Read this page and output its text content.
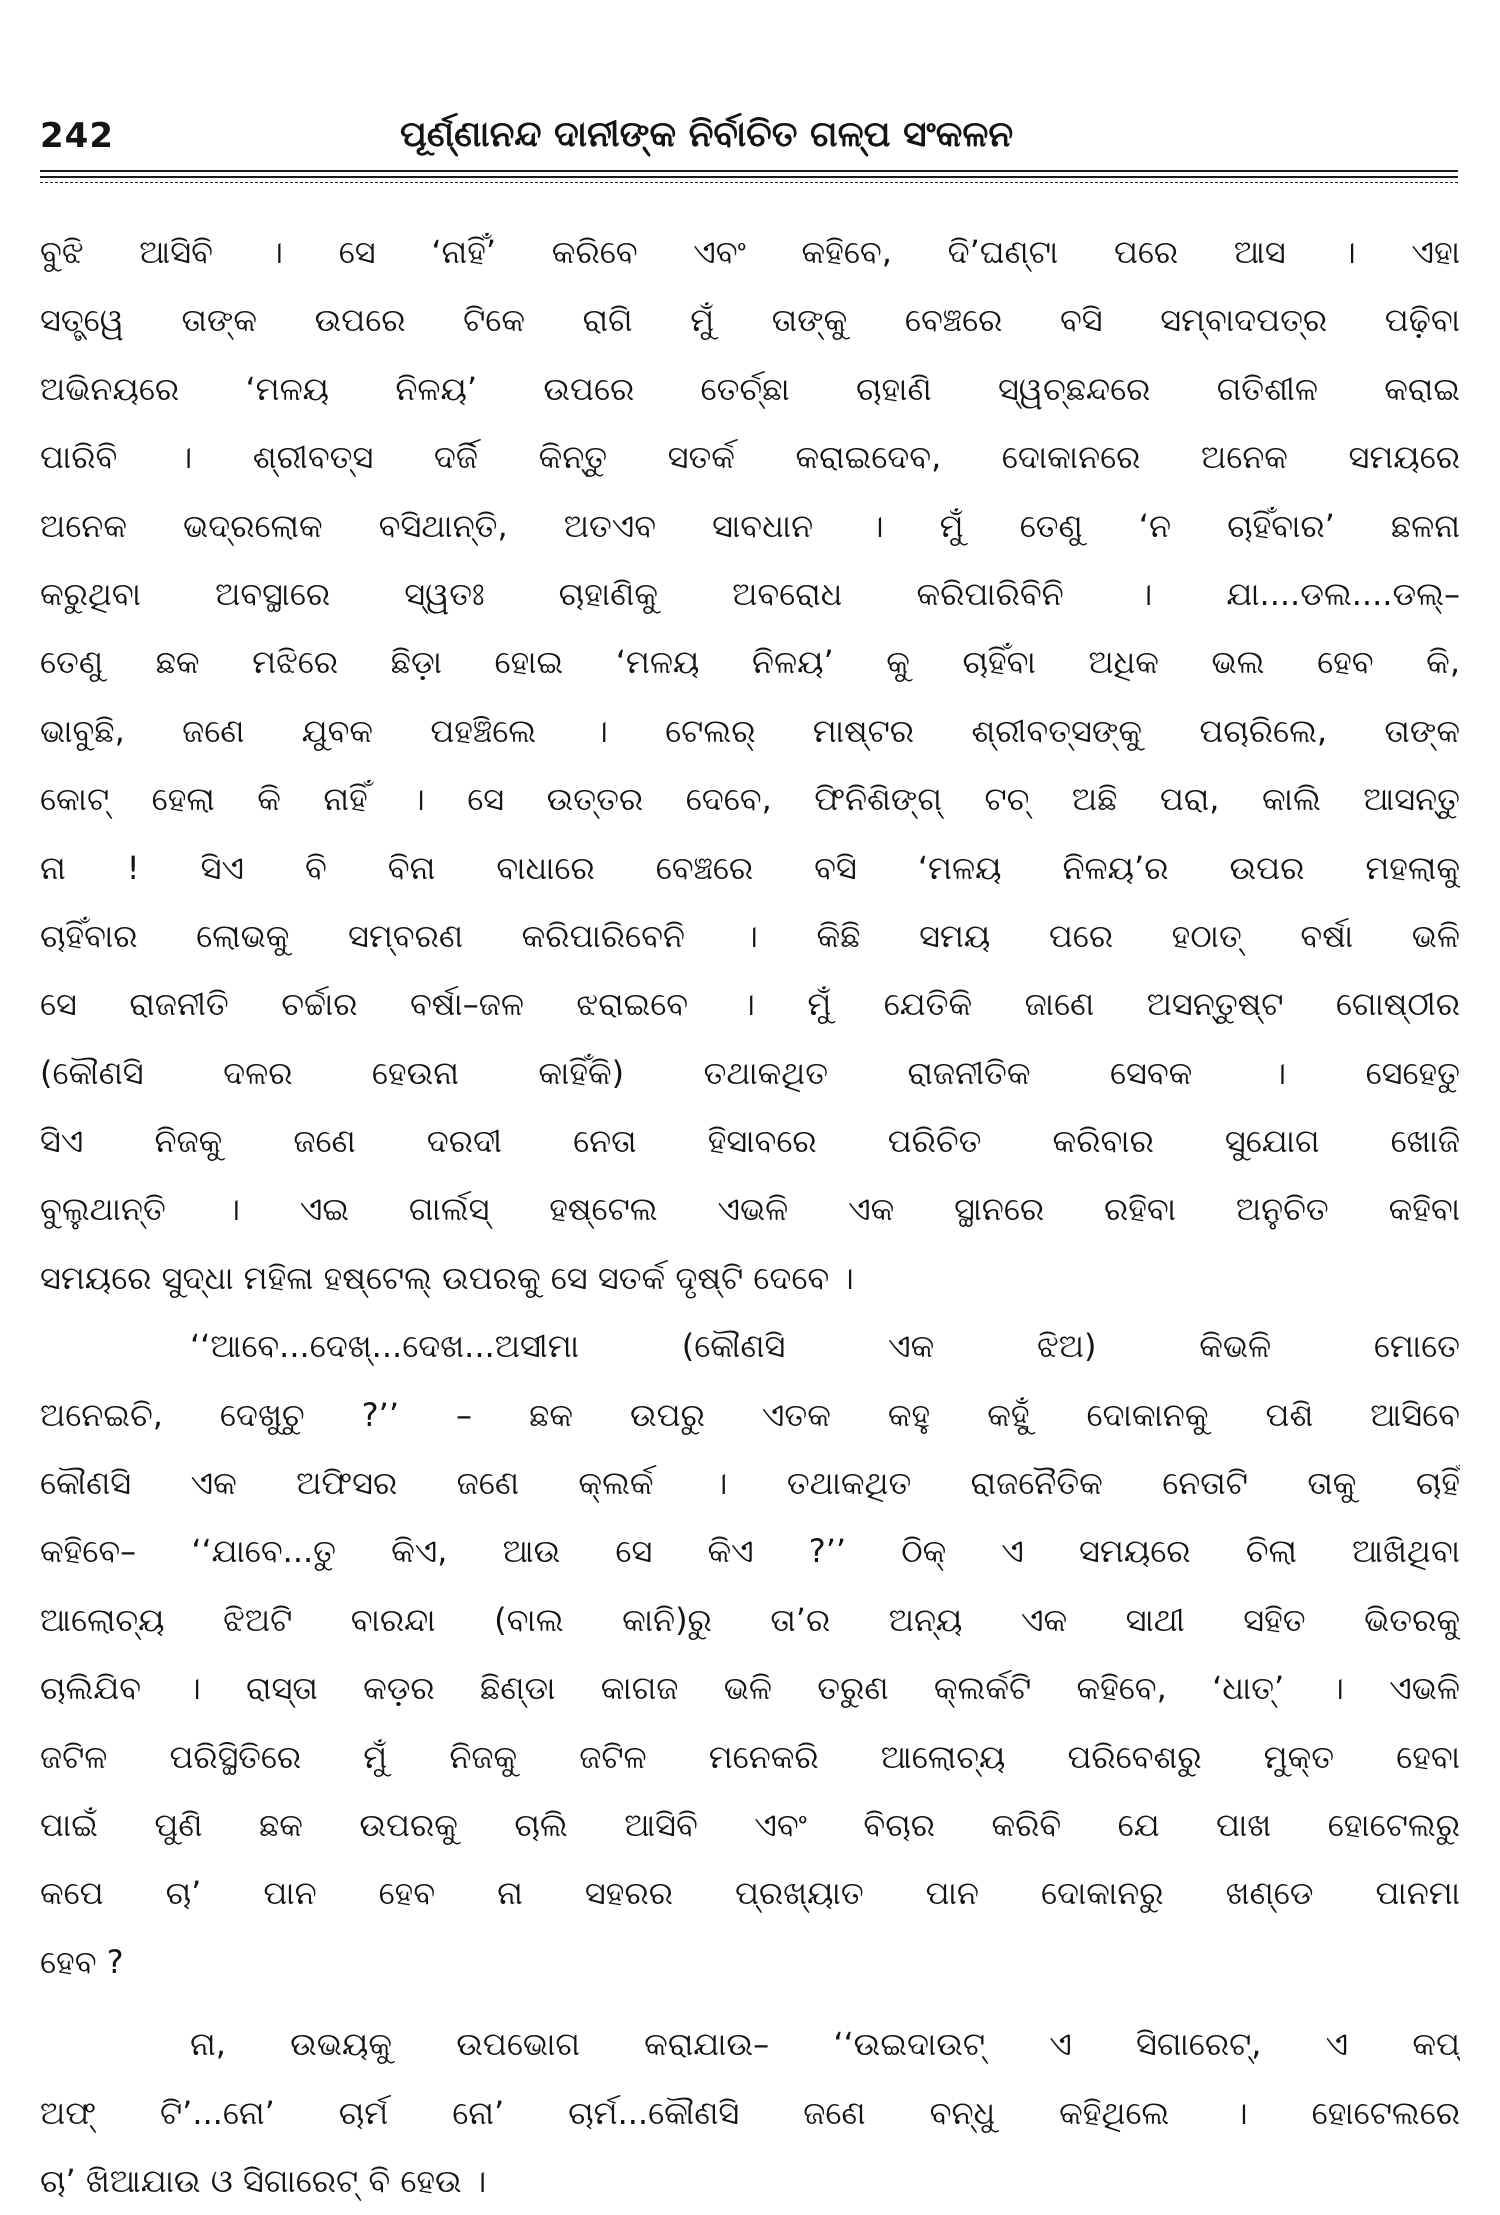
242	ପୂର୍ଣ୍ଣାନନ୍ଦ ଦାନୀଙ୍କ ନିର୍ବାଚିତ ଗଳ୍ପ ସଂକଳନ
ବୁଝି ଆସିବି । ସେ ‘ନାହିଁ’ କରିବେ ଏବଂ କହିବେ, ଦି’ଘଣ୍ଟା ପରେ ଆସ । ଏହା
ସତ୍ତ୍ୱେ ତାଙ୍କ ଉପରେ ଟିକେ ରାଗି ମୁଁ ତାଙ୍କୁ ବେଞ୍ଚରେ ବସି ସମ୍ବାଦପତ୍ର ପଢ଼ିବା
ଅଭିନୟରେ ‘ମଳୟ ନିଳୟ’ ଉପରେ ତେର୍ଚ୍ଛା ଚାହାଣି ସ୍ୱଚ୍ଛନ୍ଦରେ ଗତିଶୀଳ କରାଇ
ପାରିବି । ଶ୍ରୀବତ୍ସ ଦର୍ଜି କିନ୍ତୁ ସତର୍କ କରାଇଦେବ, ଦୋକାନରେ ଅନେକ ସମୟରେ
ଅନେକ ଭଦ୍ରଲୋକ ବସିଥାନ୍ତି, ଅତଏବ ସାବଧାନ । ମୁଁ ତେଣୁ ‘ନ ଚାହିଁବାର’ ଛଳନା
କରୁଥିବା ଅବସ୍ଥାରେ ସ୍ୱତଃ ଚାହାଣିକୁ ଅବରୋଧ କରିପାରିବିନି । ଯା....ଡଲ....ଡଲ୍–
ତେଣୁ ଛକ ମଝିରେ ଛିଡ଼ା ହୋଇ ‘ମଳୟ ନିଳୟ’ କୁ ଚାହିଁବା ଅଧିକ ଭଲ ହେବ କି,
ଭାବୁଛି, ଜଣେ ଯୁବକ ପହଞ୍ଚିଲେ । ଟେଲର୍ ମାଷ୍ଟର ଶ୍ରୀବତ୍ସଙ୍କୁ ପଚାରିଲେ, ତାଙ୍କ
କୋଟ୍ ହେଲା କି ନାହିଁ । ସେ ଉତ୍ତର ଦେବେ, ଫିନିଶିଙ୍ଗ୍ ଟଚ୍ ଅଛି ପରା, କାଲି ଆସନ୍ତୁ
ନା ! ସିଏ ବି ବିନା ବାଧାରେ ବେଞ୍ଚରେ ବସି ‘ମଳୟ ନିଳୟ’ର ଉପର ମହଲାକୁ
ଚାହିଁବାର ଲୋଭକୁ ସମ୍ବରଣ କରିପାରିବେନି । କିଛି ସମୟ ପରେ ହଠାତ୍ ବର୍ଷା ଭଳି
ସେ ରାଜନୀତି ଚର୍ଚ୍ଚାର ବର୍ଷା–ଜଳ ଝରାଇବେ । ମୁଁ ଯେତିକି ଜାଣେ ଅସନ୍ତୁଷ୍ଟ ଗୋଷ୍ଠୀର
(କୌଣସି ଦଳର ହେଉନା କାହିଁକି) ତଥାକଥିତ ରାଜନୀତିକ ସେବକ । ସେହେତୁ
ସିଏ ନିଜକୁ ଜଣେ ଦରଦୀ ନେତା ହିସାବରେ ପରିଚିତ କରିବାର ସୁଯୋଗ ଖୋଜି
ବୁଲୁଥାନ୍ତି । ଏଇ ଗାର୍ଲସ୍ ହଷ୍ଟେଲ ଏଭଳି ଏକ ସ୍ଥାନରେ ରହିବା ଅନୁଚିତ କହିବା
ସମୟରେ ସୁଦ୍ଧା ମହିଳା ହଷ୍ଟେଲ୍ ଉପରକୁ ସେ ସତର୍କ ଦୃଷ୍ଟି ଦେବେ ।
‘‘ଆବେ...ଦେଖ୍...ଦେଖ...ଅସୀମା (କୌଣସି ଏକ ଝିଅ) କିଭଳି ମୋତେ
ଅନେଇଚି, ଦେଖୁଚୁ ?’’ – ଛକ ଉପରୁ ଏତକ କହୁ କହୁଁ ଦୋକାନକୁ ପଶି ଆସିବେ
କୌଣସି ଏକ ଅଫିସର ଜଣେ କ୍ଲର୍କ । ତଥାକଥିତ ରାଜନୈତିକ ନେତାଟି ତାକୁ ଚାହିଁ
କହିବେ– ‘‘ଯାବେ...ତୁ କିଏ, ଆଉ ସେ କିଏ ?’’ ଠିକ୍ ଏ ସମୟରେ ଚିଲା ଆଖିଥିବା
ଆଲୋଚ୍ୟ ଝିଅଟି ବାରନ୍ଦା (ବାଲ କାନି)ରୁ ତା’ର ଅନ୍ୟ ଏକ ସାଥୀ ସହିତ ଭିତରକୁ
ଚାଲିଯିବ । ରାସ୍ତା କଡ଼ର ଛିଣ୍ଡା କାଗଜ ଭଳି ତରୁଣ କ୍ଲର୍କଟି କହିବେ, ‘ଧାତ୍’ । ଏଭଳି
ଜଟିଳ ପରିସ୍ଥିତିରେ ମୁଁ ନିଜକୁ ଜଟିଳ ମନେକରି ଆଲୋଚ୍ୟ ପରିବେଶରୁ ମୁକ୍ତ ହେବା
ପାଇଁ ପୁଣି ଛକ ଉପରକୁ ଚାଲି ଆସିବି ଏବଂ ବିଚାର କରିବି ଯେ ପାଖ ହୋଟେଲରୁ
କପେ ଚା’ ପାନ ହେବ ନା ସହରର ପ୍ରଖ୍ୟାତ ପାନ ଦୋକାନରୁ ଖଣ୍ଡେ ପାନମା
ହେବ ?
ନା, ଉଭୟକୁ ଉପଭୋଗ କରାଯାଉ– ‘‘ଉଇଦାଉଟ୍ ଏ ସିଗାରେଟ୍, ଏ କପ୍
ଅଫ୍ ଟି’...ନୋ’ ଚାର୍ମ ନୋ’ ଚାର୍ମ...କୌଣସି ଜଣେ ବନ୍ଧୁ କହିଥିଲେ । ହୋଟେଲରେ
ଚା’ ଖିଆଯାଉ ଓ ସିଗାରେଟ୍ ବି ହେଉ ।
